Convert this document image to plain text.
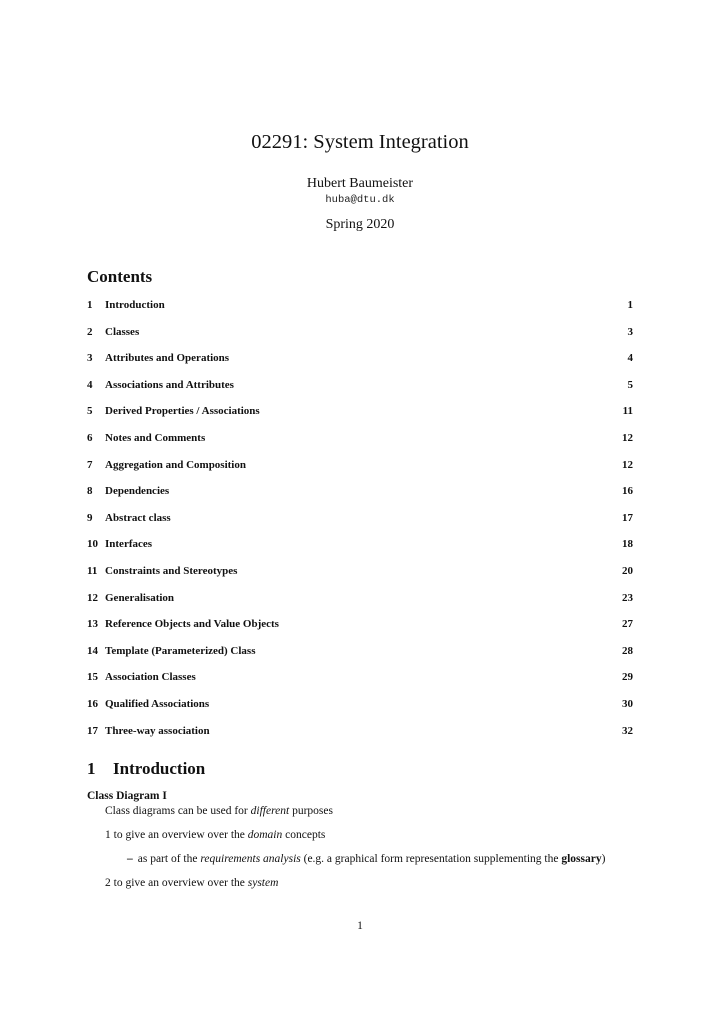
02291: System Integration
Hubert Baumeister
huba@dtu.dk
Spring 2020
Contents
1	Introduction	1
2	Classes	3
3	Attributes and Operations	4
4	Associations and Attributes	5
5	Derived Properties / Associations	11
6	Notes and Comments	12
7	Aggregation and Composition	12
8	Dependencies	16
9	Abstract class	17
10 Interfaces	18
11 Constraints and Stereotypes	20
12 Generalisation	23
13 Reference Objects and Value Objects	27
14 Template (Parameterized) Class	28
15 Association Classes	29
16 Qualified Associations	30
17 Three-way association	32
1 Introduction
Class Diagram I
Class diagrams can be used for different purposes
1 to give an overview over the domain concepts
– as part of the requirements analysis (e.g. a graphical form representation supplementing the glossary)
2 to give an overview over the system
1
